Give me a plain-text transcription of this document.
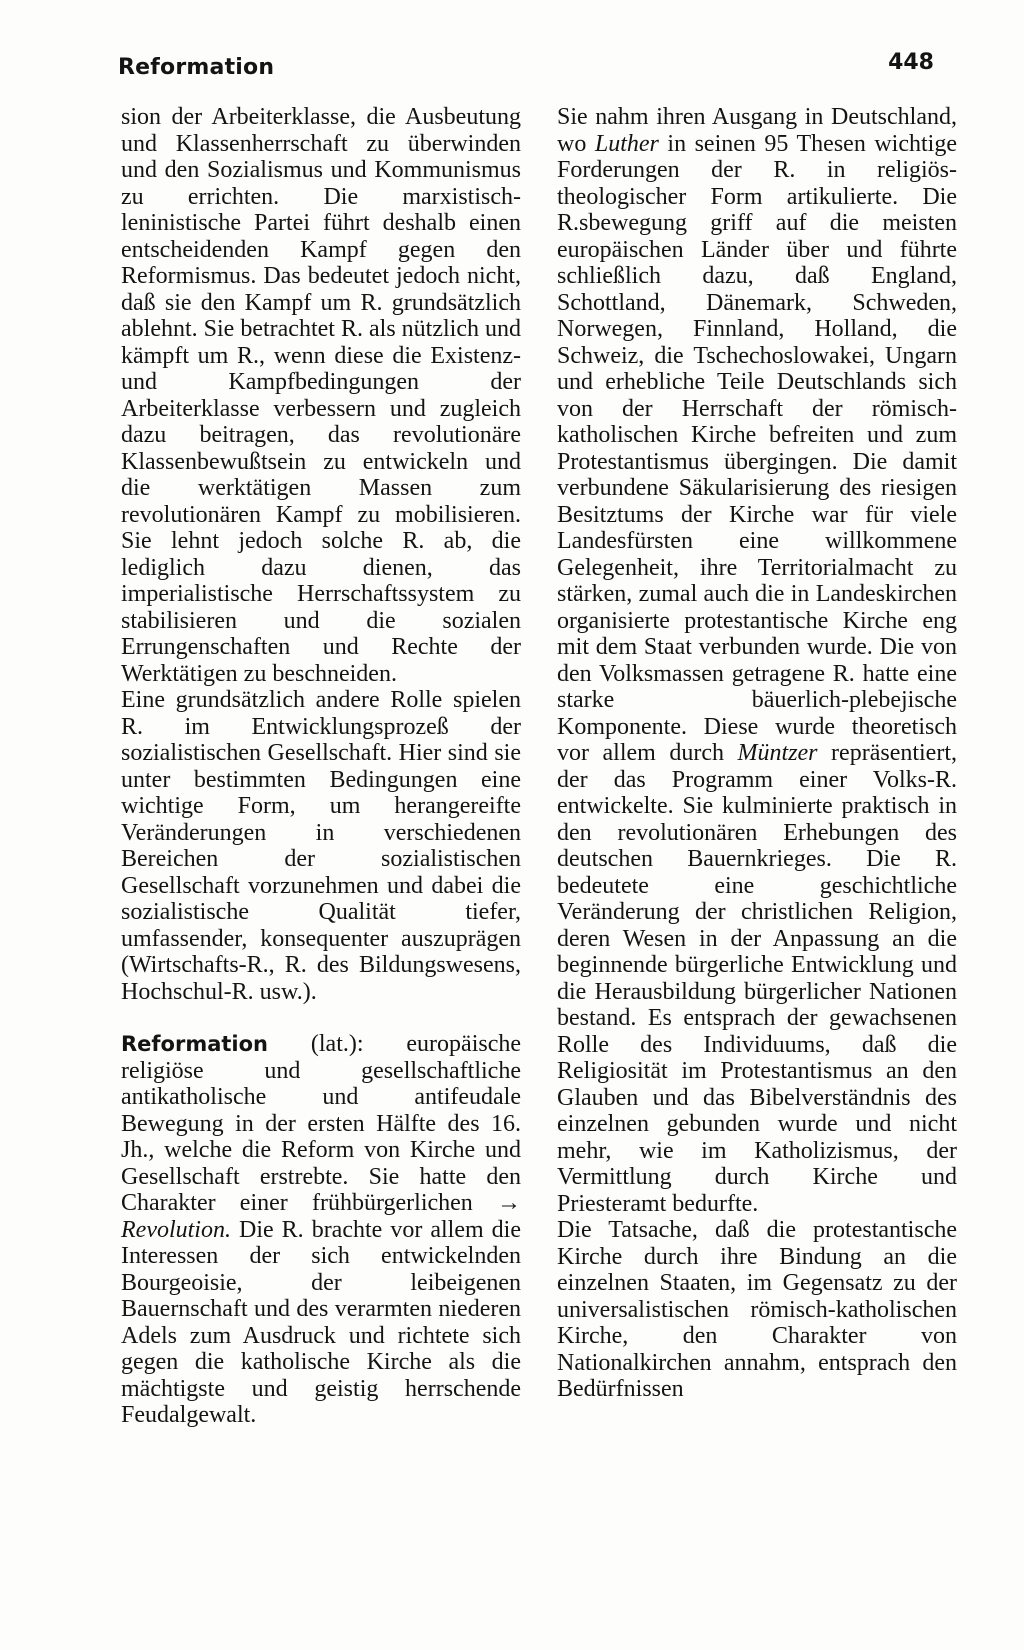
Reformation	448

sion der Arbeiterklasse, die Ausbeutung und Klassenherrschaft zu überwinden und den Sozialismus und Kommunismus zu errichten. Die marxistisch-leninistische Partei führt deshalb einen entscheidenden Kampf gegen den Reformismus. Das bedeutet jedoch nicht, daß sie den Kampf um R. grundsätzlich ablehnt. Sie betrachtet R. als nützlich und kämpft um R., wenn diese die Existenz- und Kampfbedingungen der Arbeiterklasse verbessern und zugleich dazu beitragen, das revolutionäre Klassenbewußtsein zu entwickeln und die werktätigen Massen zum revolutionären Kampf zu mobilisieren. Sie lehnt jedoch solche R. ab, die lediglich dazu dienen, das imperialistische Herrschaftssystem zu stabilisieren und die sozialen Errungenschaften und Rechte der Werktätigen zu beschneiden.

Eine grundsätzlich andere Rolle spielen R. im Entwicklungsprozeß der sozialistischen Gesellschaft. Hier sind sie unter bestimmten Bedingungen eine wichtige Form, um herangereifte Veränderungen in verschiedenen Bereichen der sozialistischen Gesellschaft vorzunehmen und dabei die sozialistische Qualität tiefer, umfassender, konsequenter auszuprägen (Wirtschafts-R., R. des Bildungswesens, Hochschul-R. usw.).

Reformation (lat.): europäische religiöse und gesellschaftliche antikatholische und antifeudale Bewegung in der ersten Hälfte des 16. Jh., welche die Reform von Kirche und Gesellschaft erstrebte. Sie hatte den Charakter einer frühbürgerlichen → Revolution. Die R. brachte vor allem die Interessen der sich entwickelnden Bourgeoisie, der leibeigenen Bauernschaft und des verarmten niederen Adels zum Ausdruck und richtete sich gegen die katholische Kirche als die mächtigste und geistig herrschende Feudalgewalt.

Sie nahm ihren Ausgang in Deutschland, wo Luther in seinen 95 Thesen wichtige Forderungen der R. in religiös-theologischer Form artikulierte. Die R.sbewegung griff auf die meisten europäischen Länder über und führte schließlich dazu, daß England, Schottland, Dänemark, Schweden, Norwegen, Finnland, Holland, die Schweiz, die Tschechoslowakei, Ungarn und erhebliche Teile Deutschlands sich von der Herrschaft der römisch-katholischen Kirche befreiten und zum Protestantismus übergingen. Die damit verbundene Säkularisierung des riesigen Besitztums der Kirche war für viele Landesfürsten eine willkommene Gelegenheit, ihre Territorialmacht zu stärken, zumal auch die in Landeskirchen organisierte protestantische Kirche eng mit dem Staat verbunden wurde. Die von den Volksmassen getragene R. hatte eine starke bäuerlich-plebejische Komponente. Diese wurde theoretisch vor allem durch Müntzer repräsentiert, der das Programm einer Volks-R. entwickelte. Sie kulminierte praktisch in den revolutionären Erhebungen des deutschen Bauernkrieges. Die R. bedeutete eine geschichtliche Veränderung der christlichen Religion, deren Wesen in der Anpassung an die beginnende bürgerliche Entwicklung und die Herausbildung bürgerlicher Nationen bestand. Es entsprach der gewachsenen Rolle des Individuums, daß die Religiosität im Protestantismus an den Glauben und das Bibelverständnis des einzelnen gebunden wurde und nicht mehr, wie im Katholizismus, der Vermittlung durch Kirche und Priesteramt bedurfte.

Die Tatsache, daß die protestantische Kirche durch ihre Bindung an die einzelnen Staaten, im Gegensatz zu der universalistischen römisch-katholischen Kirche, den Charakter von Nationalkirchen annahm, entsprach den Bedürfnissen
